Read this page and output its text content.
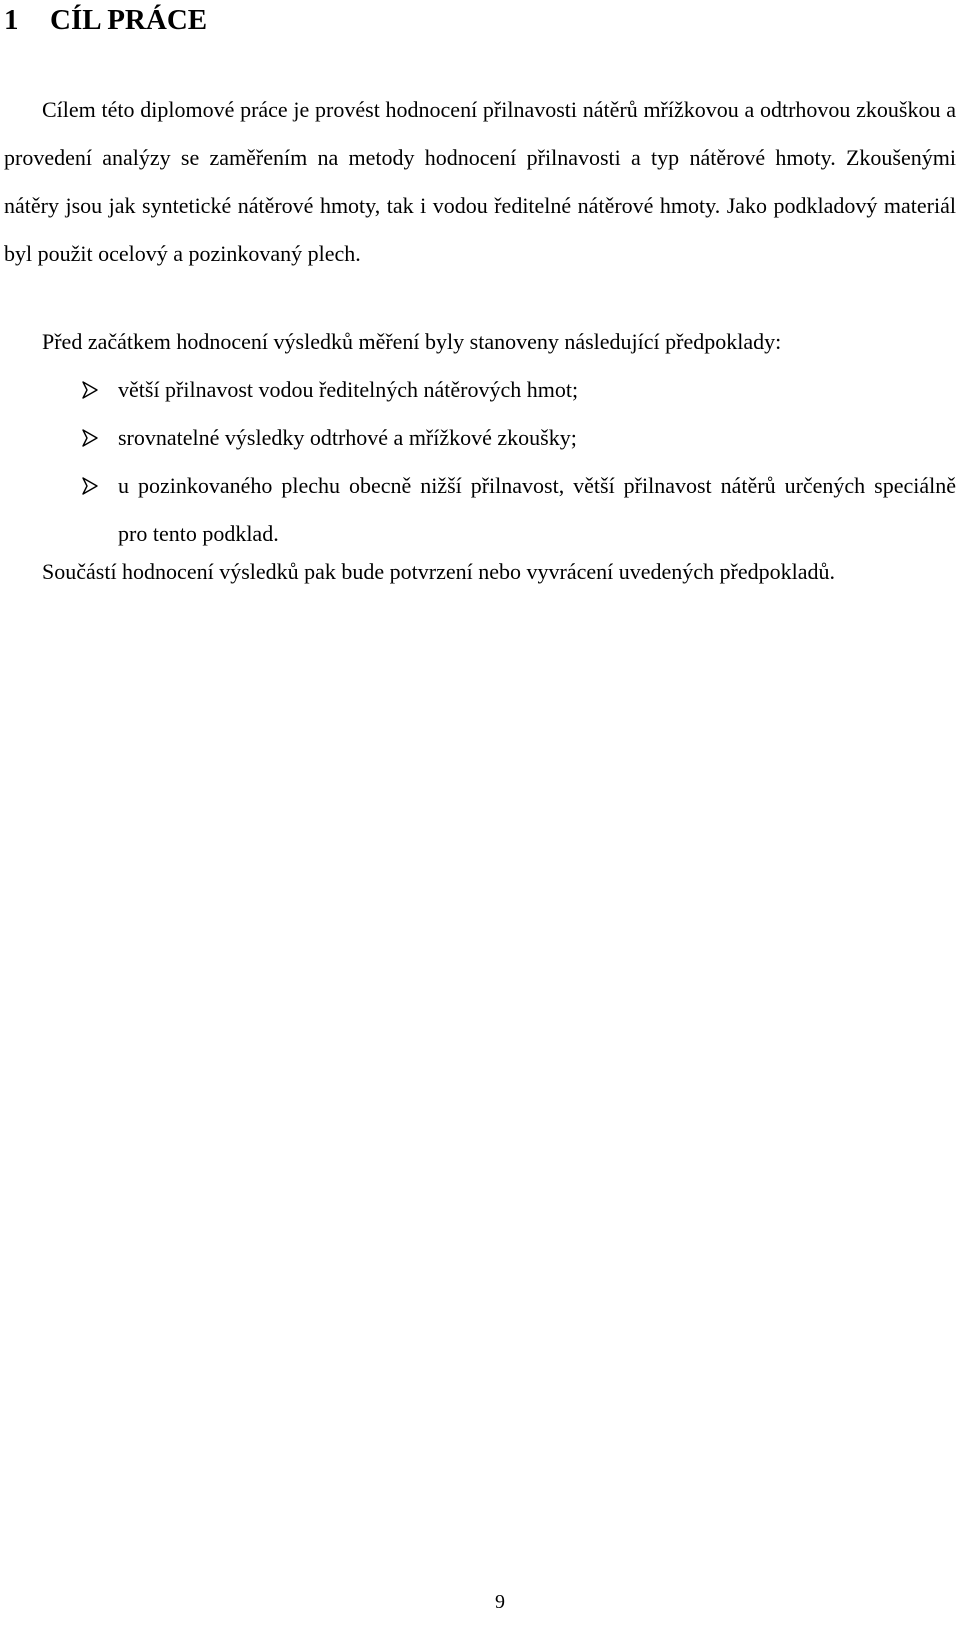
1 CÍL PRÁCE

Cílem této diplomové práce je provést hodnocení přilnavosti nátěrů mřížkovou a odtrhovou zkouškou a provedení analýzy se zaměřením na metody hodnocení přilnavosti a typ nátěrové hmoty. Zkoušenými nátěry jsou jak syntetické nátěrové hmoty, tak i vodou ředitelné nátěrové hmoty. Jako podkladový materiál byl použit ocelový a pozinkovaný plech.

Před začátkem hodnocení výsledků měření byly stanoveny následující předpoklady:

větší přilnavost vodou ředitelných nátěrových hmot;
srovnatelné výsledky odtrhové a mřížkové zkoušky;
u pozinkovaného plechu obecně nižší přilnavost, větší přilnavost nátěrů určených speciálně pro tento podklad.

Součástí hodnocení výsledků pak bude potvrzení nebo vyvrácení uvedených předpokladů.

9
